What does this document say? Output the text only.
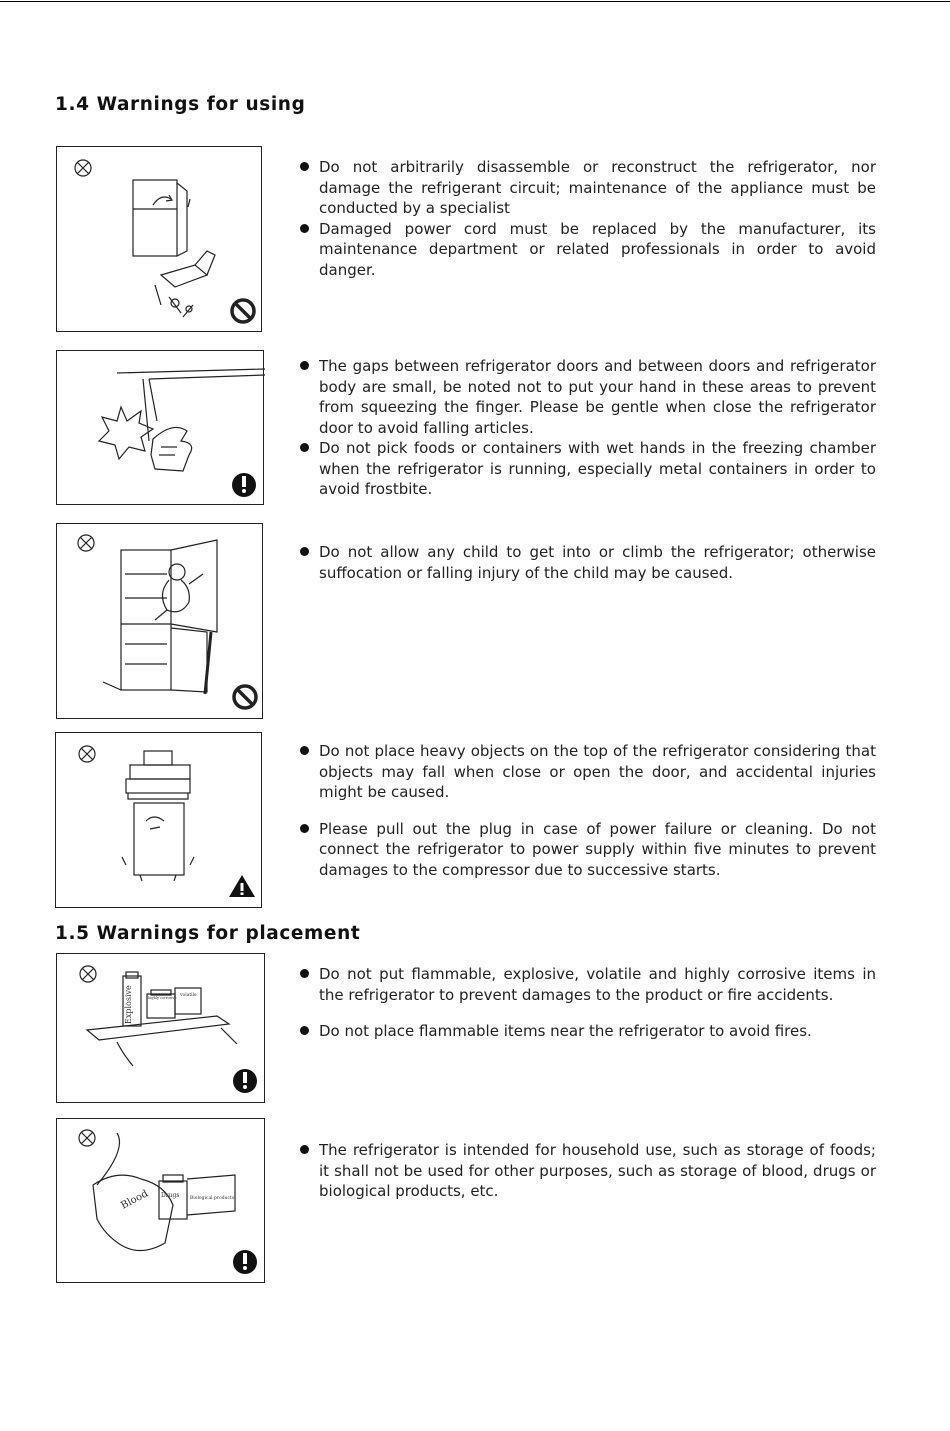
1.4 Warnings for using

Do not arbitrarily disassemble or reconstruct the refrigerator, nor damage the refrigerant circuit; maintenance of the appliance must be conducted by a specialist

Damaged power cord must be replaced by the manufacturer, its maintenance department or related professionals in order to avoid danger.

The gaps between refrigerator doors and between doors and refrigerator body are small, be noted not to put your hand in these areas to prevent from squeezing the finger. Please be gentle when close the refrigerator door to avoid falling articles.

Do not pick foods or containers with wet hands in the freezing chamber when the refrigerator is running, especially metal containers in order to avoid frostbite.

Do not allow any child to get into or climb the refrigerator; otherwise suffocation or falling injury of the child may be caused.

Do not place heavy objects on the top of the refrigerator considering that objects may fall when close or open the door, and accidental injuries might be caused.

Please pull out the plug in case of power failure or cleaning. Do not connect the refrigerator to power supply within five minutes to prevent damages to the compressor due to successive starts.

1.5 Warnings for placement
Explosive	highly corrosive volatile

Do not put flammable, explosive, volatile and highly corrosive items in the refrigerator to prevent damages to the product or fire accidents.

Do not place flammable items near the refrigerator to avoid fires.

Blood Drugs Biological products

The refrigerator is intended for household use, such as storage of foods; it shall not be used for other purposes, such as storage of blood, drugs or biological products, etc.
